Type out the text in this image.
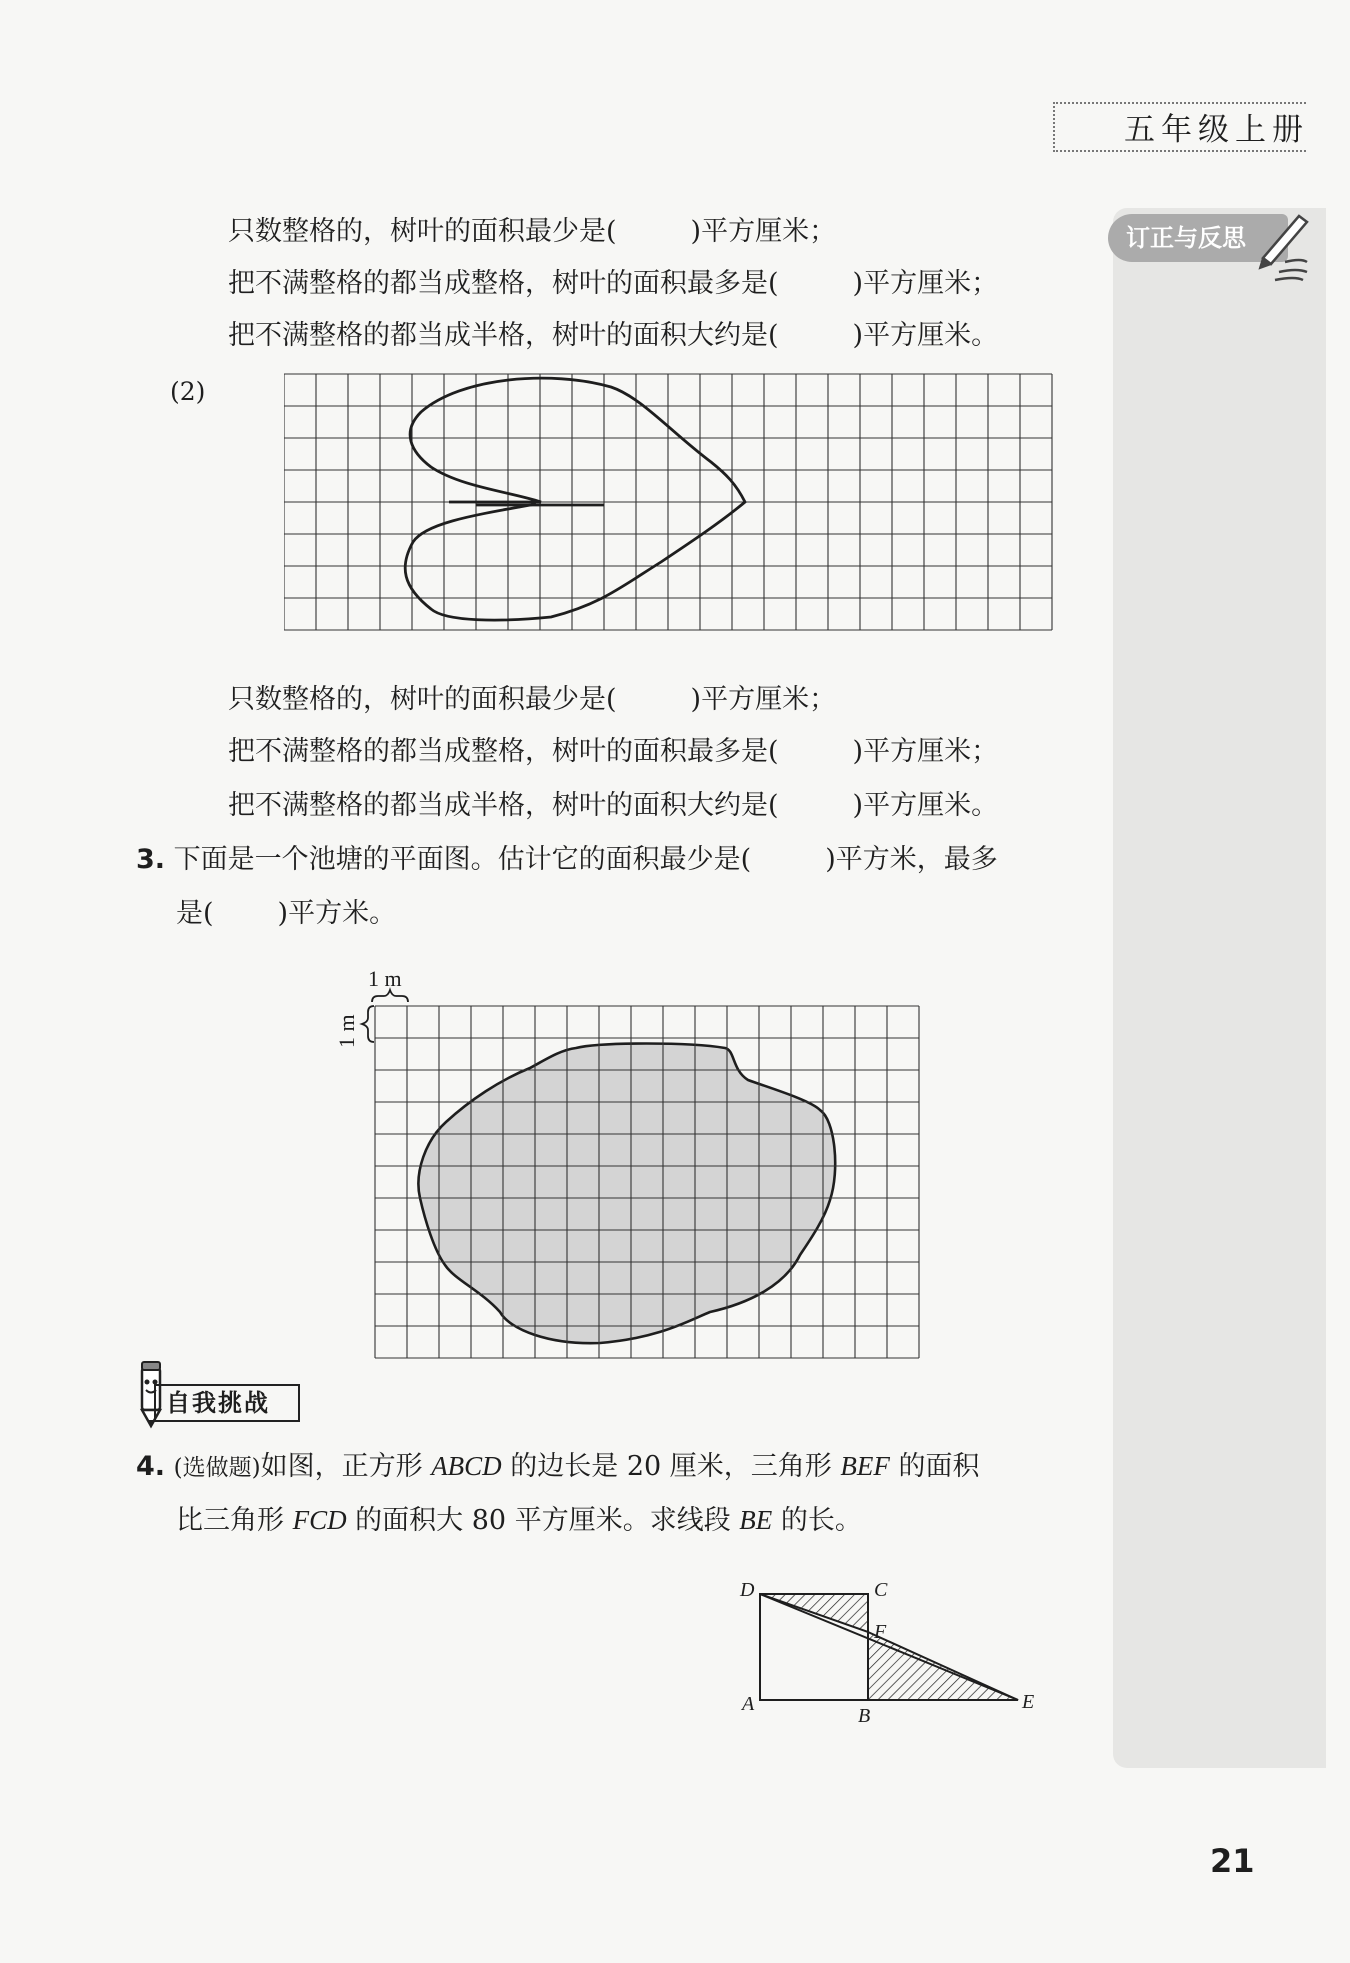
五年级上册
订正与反思
只数整格的，树叶的面积最少是(	)平方厘米；
把不满整格的都当成整格，树叶的面积最多是(	)平方厘米；
把不满整格的都当成半格，树叶的面积大约是(	)平方厘米。
(2)
只数整格的，树叶的面积最少是(	)平方厘米；
把不满整格的都当成整格，树叶的面积最多是(	)平方厘米；
把不满整格的都当成半格，树叶的面积大约是(	)平方厘米。
3. 下面是一个池塘的平面图。估计它的面积最少是(	)平方米，最多
是( )平方米。
1 m
1 m
自我挑战
4. (选做题)如图，正方形 ABCD 的边长是 20 厘米，三角形 BEF 的面积
比三角形 FCD 的面积大 80 平方厘米。求线段 BE 的长。
D	C
F
A
B
E
21
